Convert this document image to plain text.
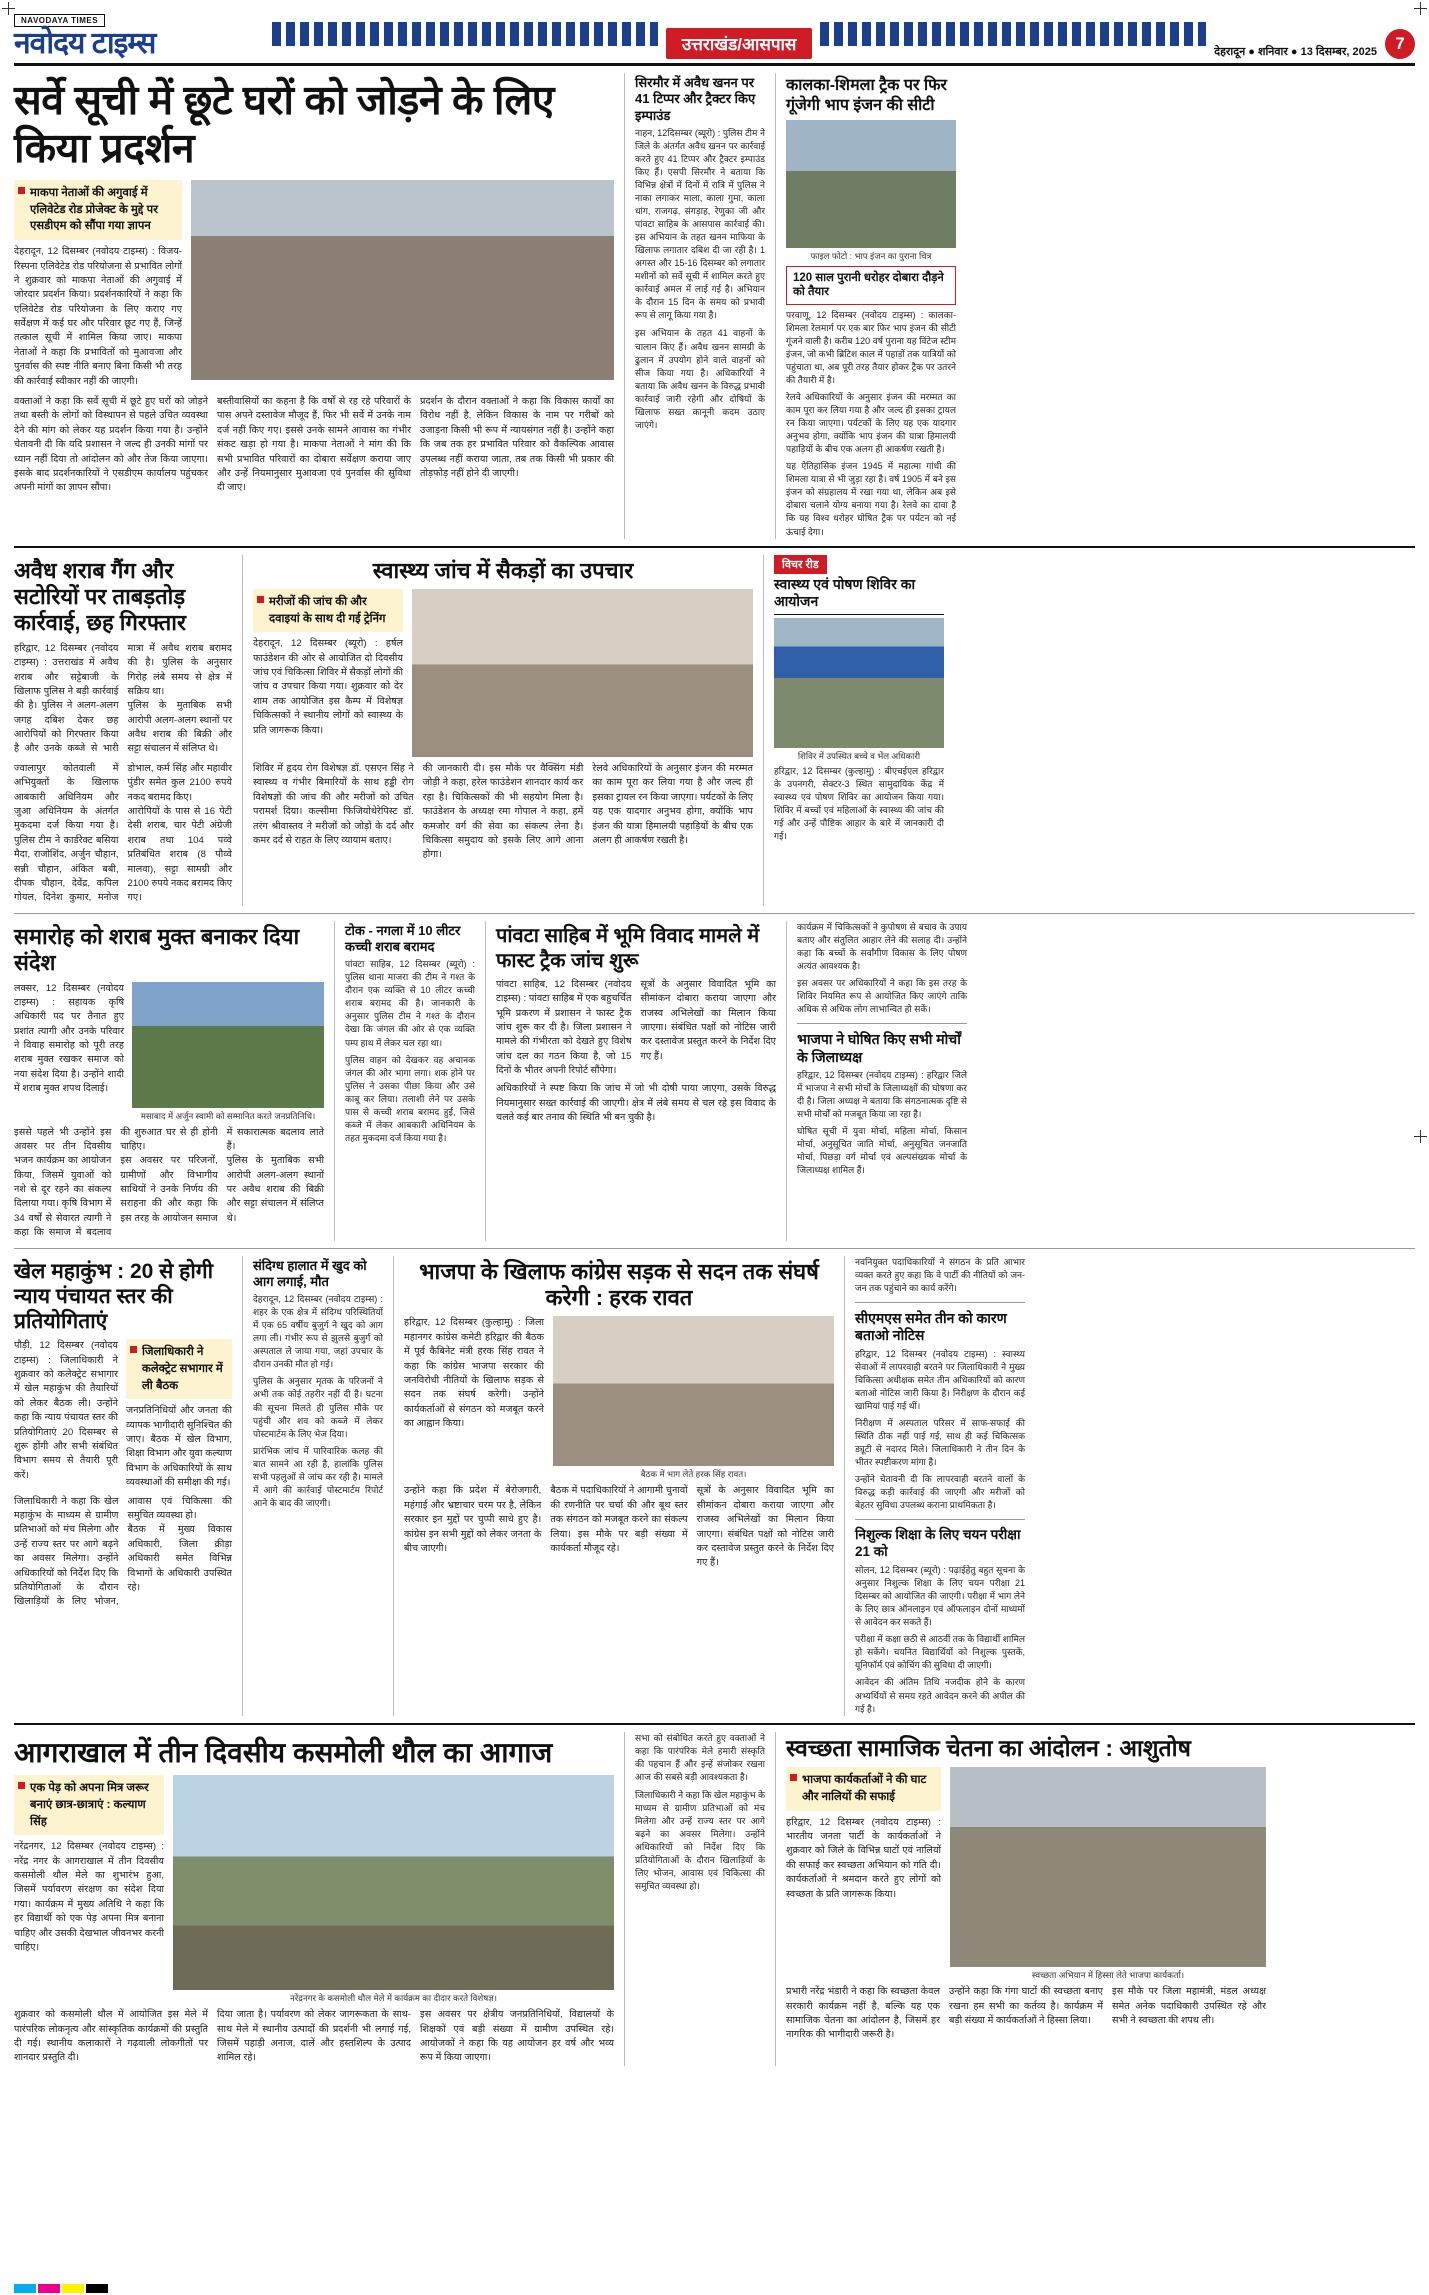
NAVODAYA TIMES
नवोदय टाइम्स	उत्तराखंड/आसपास	देहरादून ● शनिवार ● 13 दिसम्बर, 2025	7
सर्वे सूची में छूटे घरों को जोड़ने के लिए किया प्रदर्शन
माकपा नेताओं की अगुवाई में एलिवेटेड रोड प्रोजेक्ट के मुद्दे पर एसडीएम को सौंपा गया ज्ञापन
देहरादून, 12 दिसम्बर (नवोदय टाइम्स) : विजय-रिस्पना एलिवेटेड रोड परियोजना से प्रभावित लोगों ने शुक्रवार को माकपा नेताओं की अगुवाई में जोरदार प्रदर्शन किया। प्रदर्शनकारियों ने कहा कि एलिवेटेड रोड परियोजना के लिए कराए गए सर्वेक्षण में कई घर और परिवार छूट गए हैं, जिन्हें तत्काल सूची में शामिल किया जाए। माकपा नेताओं ने कहा कि प्रभावितों को मुआवजा और पुनर्वास की स्पष्ट नीति बनाए बिना किसी भी तरह की कार्रवाई स्वीकार नहीं की जाएगी।
वक्ताओं ने कहा कि सर्वे सूची में छूटे हुए घरों को जोड़ने तथा बस्ती के लोगों को विस्थापन से पहले उचित व्यवस्था देने की मांग को लेकर यह प्रदर्शन किया गया है। उन्होंने चेतावनी दी कि यदि प्रशासन ने जल्द ही उनकी मांगों पर ध्यान नहीं दिया तो आंदोलन को और तेज किया जाएगा। इसके बाद प्रदर्शनकारियों ने एसडीएम कार्यालय पहुंचकर अपनी मांगों का ज्ञापन सौंपा।
बस्तीवासियों का कहना है कि वर्षों से रह रहे परिवारों के पास अपने दस्तावेज मौजूद हैं, फिर भी सर्वे में उनके नाम दर्ज नहीं किए गए। इससे उनके सामने आवास का गंभीर संकट खड़ा हो गया है। माकपा नेताओं ने मांग की कि सभी प्रभावित परिवारों का दोबारा सर्वेक्षण कराया जाए और उन्हें नियमानुसार मुआवजा एवं पुनर्वास की सुविधा दी जाए।
प्रदर्शन के दौरान वक्ताओं ने कहा कि विकास कार्यों का विरोध नहीं है, लेकिन विकास के नाम पर गरीबों को उजाड़ना किसी भी रूप में न्यायसंगत नहीं है। उन्होंने कहा कि जब तक हर प्रभावित परिवार को वैकल्पिक आवास उपलब्ध नहीं कराया जाता, तब तक किसी भी प्रकार की तोड़फोड़ नहीं होने दी जाएगी।
सिरमौर में अवैध खनन पर 41 टिप्पर और ट्रैक्टर किए इम्पाउंड
नाहन, 12दिसम्बर (ब्यूरो) : पुलिस टीम ने जिले के अंतर्गत अवैध खनन पर कार्रवाई करते हुए 41 टिप्पर और ट्रैक्टर इम्पाउंड किए हैं। एसपी सिरमौर ने बताया कि विभिन्न क्षेत्रों में दिनों में रात्रि में पुलिस ने नाका लगाकर माला, काला गुमा, काला धांग, राजगढ़, संगड़ाह, रेणुका जी और पांवटा साहिब के आसपास कार्रवाई की। इस अभियान के तहत खनन माफिया के खिलाफ लगातार दबिश दी जा रही है। 1 अगस्त और 15-16 दिसम्बर को लगातार मशीनों को सर्वे सूची में शामिल करते हुए कार्रवाई अमल में लाई गई है। अभियान के दौरान 15 दिन के समय को प्रभावी रूप से लागू किया गया है।
इस अभियान के तहत 41 वाहनों के चालान किए हैं। अवैध खनन सामग्री के ढुलान में उपयोग होने वाले वाहनों को सीज किया गया है। अधिकारियों ने बताया कि अवैध खनन के विरुद्ध प्रभावी कार्रवाई जारी रहेगी और दोषियों के खिलाफ सख्त कानूनी कदम उठाए जाएंगे।
कालका-शिमला ट्रैक पर फिर गूंजेगी भाप इंजन की सीटी
फाइल फोटो : भाप इंजन का पुराना चित्र
120 साल पुरानी धरोहर दोबारा दौड़ने को तैयार
परवाणू, 12 दिसम्बर (नवोदय टाइम्स) : कालका-शिमला रेलमार्ग पर एक बार फिर भाप इंजन की सीटी गूंजने वाली है। करीब 120 वर्ष पुराना यह विंटेज स्टीम इंजन, जो कभी ब्रिटिश काल में पहाड़ों तक यात्रियों को पहुंचाता था, अब पूरी तरह तैयार होकर ट्रैक पर उतरने की तैयारी में है।
रेलवे अधिकारियों के अनुसार इंजन की मरम्मत का काम पूरा कर लिया गया है और जल्द ही इसका ट्रायल रन किया जाएगा। पर्यटकों के लिए यह एक यादगार अनुभव होगा, क्योंकि भाप इंजन की यात्रा हिमालयी पहाड़ियों के बीच एक अलग ही आकर्षण रखती है।
यह ऐतिहासिक इंजन 1945 में महात्मा गांधी की शिमला यात्रा से भी जुड़ा रहा है। वर्ष 1905 में बने इस इंजन को संग्रहालय में रखा गया था, लेकिन अब इसे दोबारा चलाने योग्य बनाया गया है। रेलवे का दावा है कि यह विश्व धरोहर घोषित ट्रैक पर पर्यटन को नई ऊंचाई देगा।
अवैध शराब गैंग और सटोरियों पर ताबड़तोड़ कार्रवाई, छह गिरफ्तार
हरिद्वार, 12 दिसम्बर (नवोदय टाइम्स) : उत्तराखंड में अवैध शराब और सट्टेबाजी के खिलाफ पुलिस ने बड़ी कार्रवाई की है। पुलिस ने अलग-अलग जगह दबिश देकर छह आरोपियों को गिरफ्तार किया है और उनके कब्जे से भारी मात्रा में अवैध शराब बरामद की है। पुलिस के अनुसार गिरोह लंबे समय से क्षेत्र में सक्रिय था।
पुलिस के मुताबिक सभी आरोपी अलग-अलग स्थानों पर अवैध शराब की बिक्री और सट्टा संचालन में संलिप्त थे।
ज्वालापुर कोतवाली में अभियुक्तों के खिलाफ आबकारी अधिनियम और जुआ अधिनियम के अंतर्गत मुकदमा दर्ज किया गया है। पुलिस टीम ने कार्डरेक्ट बसिया मैदा, राजोशिंद, अर्जुन चौहान, सन्नी चौहान, अंकित बबी, दीपक चौहान, देवेंद्र, कपिल गोयल, दिनेश कुमार, मनोज डोभाल, कर्म सिंह और महावीर पुंडीर समेत कुल 2100 रुपये नकद बरामद किए।
आरोपियों के पास से 16 पेटी देसी शराब, चार पेटी अंग्रेजी शराब तथा 104 पव्वे प्रतिबंधित शराब (8 पौव्वे मालवा), सट्टा सामग्री और 2100 रुपये नकद बरामद किए गए।
स्वास्थ्य जांच में सैकड़ों का उपचार
मरीजों की जांच की और दवाइयां के साथ दी गई ट्रेनिंग
देहरादून, 12 दिसम्बर (ब्यूरो) : हर्षल फाउंडेशन की ओर से आयोजित दो दिवसीय जांच एवं चिकित्सा शिविर में सैकड़ों लोगों की जांच व उपचार किया गया। शुक्रवार को देर शाम तक आयोजित इस कैम्प में विशेषज्ञ चिकित्सकों ने स्थानीय लोगों को स्वास्थ्य के प्रति जागरूक किया।
शिविर में हृदय रोग विशेषज्ञ डॉ. एसएन सिंह ने स्वास्थ्य व गंभीर बिमारियों के साथ हड्डी रोग विशेषज्ञों की जांच की और मरीजों को उचित परामर्श दिया। कल्सीमा फिजियोथेरेपिस्ट डॉ. तरंग श्रीवास्तव ने मरीजों को जोड़ों के दर्द और कमर दर्द से राहत के लिए व्यायाम बताए।
की जानकारी दी। इस मौके पर वैक्सिंग मंडी जोड़ी ने कहा, हरेल फाउंडेशन शानदार कार्य कर रहा है। चिकित्सकों की भी सहयोग मिला है। फाउंडेशन के अध्यक्ष रमा गोपाल ने कहा, हमें कमजोर वर्ग की सेवा का संकल्प लेना है। चिकित्सा समुदाय को इसके लिए आगे आना होगा।
रेलवे अधिकारियों के अनुसार इंजन की मरम्मत का काम पूरा कर लिया गया है और जल्द ही इसका ट्रायल रन किया जाएगा। पर्यटकों के लिए यह एक यादगार अनुभव होगा, क्योंकि भाप इंजन की यात्रा हिमालयी पहाड़ियों के बीच एक अलग ही आकर्षण रखती है।
विचर रीड
स्वास्थ्य एवं पोषण शिविर का आयोजन
शिविर में उपस्थित बच्चे व भेंल अधिकारी
हरिद्वार, 12 दिसम्बर (कुल्हामु) : बीएचईएल हरिद्वार के उपनगरी, सेक्टर-3 स्थित सामुदायिक केंद्र में स्वास्थ्य एवं पोषण शिविर का आयोजन किया गया। शिविर में बच्चों एवं महिलाओं के स्वास्थ्य की जांच की गई और उन्हें पौष्टिक आहार के बारे में जानकारी दी गई।
समारोह को शराब मुक्त बनाकर दिया संदेश
लक्सर, 12 दिसम्बर (नवोदय टाइम्स) : सहायक कृषि अधिकारी पद पर तैनात हुए प्रशांत त्यागी और उनके परिवार ने विवाह समारोह को पूरी तरह शराब मुक्त रखकर समाज को नया संदेश दिया है। उन्होंने शादी में शराब मुक्त शपथ दिलाई।
मसाबाद में अर्जुन स्वामी को सम्मानित करते जनप्रतिनिधि।
इससे पहले भी उन्होंने इस अवसर पर तीन दिवसीय भजन कार्यक्रम का आयोजन किया, जिसमें युवाओं को नशे से दूर रहने का संकल्प दिलाया गया। कृषि विभाग में 34 वर्षों से सेवारत त्यागी ने कहा कि समाज में बदलाव की शुरुआत घर से ही होनी चाहिए।
इस अवसर पर परिजनों, ग्रामीणों और विभागीय साथियों ने उनके निर्णय की सराहना की और कहा कि इस तरह के आयोजन समाज में सकारात्मक बदलाव लाते हैं।
पुलिस के मुताबिक सभी आरोपी अलग-अलग स्थानों पर अवैध शराब की बिक्री और सट्टा संचालन में संलिप्त थे।
टोक - नगला में 10 लीटर कच्ची शराब बरामद
पांवटा साहिब, 12 दिसम्बर (ब्यूरो) : पुलिस थाना माजरा की टीम ने गश्त के दौरान एक व्यक्ति से 10 लीटर कच्ची शराब बरामद की है। जानकारी के अनुसार पुलिस टीम ने गश्त के दौरान देखा कि जंगल की ओर से एक व्यक्ति पम्प हाथ में लेकर चल रहा था।
पुलिस वाहन को देखकर वह अचानक जंगल की ओर भागा लगा। शक होने पर पुलिस ने उसका पीछा किया और उसे काबू कर लिया। तलाशी लेने पर उसके पास से कच्ची शराब बरामद हुई, जिसे कब्जे में लेकर आबकारी अधिनियम के तहत मुकदमा दर्ज किया गया है।
पांवटा साहिब में भूमि विवाद मामले में फास्ट ट्रैक जांच शुरू
पांवटा साहिब, 12 दिसम्बर (नवोदय टाइम्स) : पांवटा साहिब में एक बहुचर्चित भूमि प्रकरण में प्रशासन ने फास्ट ट्रैक जांच शुरू कर दी है। जिला प्रशासन ने मामले की गंभीरता को देखते हुए विशेष जांच दल का गठन किया है, जो 15 दिनों के भीतर अपनी रिपोर्ट सौंपेगा।
सूत्रों के अनुसार विवादित भूमि का सीमांकन दोबारा कराया जाएगा और राजस्व अभिलेखों का मिलान किया जाएगा। संबंधित पक्षों को नोटिस जारी कर दस्तावेज प्रस्तुत करने के निर्देश दिए गए हैं।
अधिकारियों ने स्पष्ट किया कि जांच में जो भी दोषी पाया जाएगा, उसके विरुद्ध नियमानुसार सख्त कार्रवाई की जाएगी। क्षेत्र में लंबे समय से चल रहे इस विवाद के चलते कई बार तनाव की स्थिति भी बन चुकी है।
कार्यक्रम में चिकित्सकों ने कुपोषण से बचाव के उपाय बताए और संतुलित आहार लेने की सलाह दी। उन्होंने कहा कि बच्चों के सर्वांगीण विकास के लिए पोषण अत्यंत आवश्यक है।
इस अवसर पर अधिकारियों ने कहा कि इस तरह के शिविर नियमित रूप से आयोजित किए जाएंगे ताकि अधिक से अधिक लोग लाभान्वित हो सकें।
भाजपा ने घोषित किए सभी मोर्चों के जिलाध्यक्ष
हरिद्वार, 12 दिसम्बर (नवोदय टाइम्स) : हरिद्वार जिले में भाजपा ने सभी मोर्चों के जिलाध्यक्षों की घोषणा कर दी है। जिला अध्यक्ष ने बताया कि संगठनात्मक दृष्टि से सभी मोर्चों को मजबूत किया जा रहा है।
घोषित सूची में युवा मोर्चा, महिला मोर्चा, किसान मोर्चा, अनुसूचित जाति मोर्चा, अनुसूचित जनजाति मोर्चा, पिछड़ा वर्ग मोर्चा एवं अल्पसंख्यक मोर्चा के जिलाध्यक्ष शामिल हैं।
खेल महाकुंभ : 20 से होगी न्याय पंचायत स्तर की प्रतियोगिताएं
पौड़ी, 12 दिसम्बर (नवोदय टाइम्स) : जिलाधिकारी ने शुक्रवार को कलेक्ट्रेट सभागार में खेल महाकुंभ की तैयारियों को लेकर बैठक ली। उन्होंने कहा कि न्याय पंचायत स्तर की प्रतियोगिताएं 20 दिसम्बर से शुरू होंगी और सभी संबंधित विभाग समय से तैयारी पूरी करें।
जिलाधिकारी ने कलेक्ट्रेट सभागार में ली बैठक
जनप्रतिनिधियों और जनता की व्यापक भागीदारी सुनिश्चित की जाए। बैठक में खेल विभाग, शिक्षा विभाग और युवा कल्याण विभाग के अधिकारियों के साथ व्यवस्थाओं की समीक्षा की गई।
जिलाधिकारी ने कहा कि खेल महाकुंभ के माध्यम से ग्रामीण प्रतिभाओं को मंच मिलेगा और उन्हें राज्य स्तर पर आगे बढ़ने का अवसर मिलेगा। उन्होंने अधिकारियों को निर्देश दिए कि प्रतियोगिताओं के दौरान खिलाड़ियों के लिए भोजन, आवास एवं चिकित्सा की समुचित व्यवस्था हो।
बैठक में मुख्य विकास अधिकारी, जिला क्रीड़ा अधिकारी समेत विभिन्न विभागों के अधिकारी उपस्थित रहे।
संदिग्ध हालात में खुद को आग लगाई, मौत
देहरादून, 12 दिसम्बर (नवोदय टाइम्स) : शहर के एक क्षेत्र में संदिग्ध परिस्थितियों में एक 65 वर्षीय बुजुर्ग ने खुद को आग लगा ली। गंभीर रूप से झुलसे बुजुर्ग को अस्पताल ले जाया गया, जहां उपचार के दौरान उनकी मौत हो गई।
पुलिस के अनुसार मृतक के परिजनों ने अभी तक कोई तहरीर नहीं दी है। घटना की सूचना मिलते ही पुलिस मौके पर पहुंची और शव को कब्जे में लेकर पोस्टमार्टम के लिए भेज दिया।
प्रारंभिक जांच में पारिवारिक कलह की बात सामने आ रही है, हालांकि पुलिस सभी पहलुओं से जांच कर रही है। मामले में आगे की कार्रवाई पोस्टमार्टम रिपोर्ट आने के बाद की जाएगी।
भाजपा के खिलाफ कांग्रेस सड़क से सदन तक संघर्ष करेगी : हरक रावत
हरिद्वार, 12 दिसम्बर (कुल्हामु) : जिला महानगर कांग्रेस कमेटी हरिद्वार की बैठक में पूर्व कैबिनेट मंत्री हरक सिंह रावत ने कहा कि कांग्रेस भाजपा सरकार की जनविरोधी नीतियों के खिलाफ सड़क से सदन तक संघर्ष करेगी। उन्होंने कार्यकर्ताओं से संगठन को मजबूत करने का आह्वान किया।
बैठक में भाग लेते हरक सिंह रावत।
उन्होंने कहा कि प्रदेश में बेरोजगारी, महंगाई और भ्रष्टाचार चरम पर है, लेकिन सरकार इन मुद्दों पर चुप्पी साधे हुए है। कांग्रेस इन सभी मुद्दों को लेकर जनता के बीच जाएगी।
बैठक में पदाधिकारियों ने आगामी चुनावों की रणनीति पर चर्चा की और बूथ स्तर तक संगठन को मजबूत करने का संकल्प लिया। इस मौके पर बड़ी संख्या में कार्यकर्ता मौजूद रहे।
सूत्रों के अनुसार विवादित भूमि का सीमांकन दोबारा कराया जाएगा और राजस्व अभिलेखों का मिलान किया जाएगा। संबंधित पक्षों को नोटिस जारी कर दस्तावेज प्रस्तुत करने के निर्देश दिए गए हैं।
नवनियुक्त पदाधिकारियों ने संगठन के प्रति आभार व्यक्त करते हुए कहा कि वे पार्टी की नीतियों को जन-जन तक पहुंचाने का कार्य करेंगे।
सीएमएस समेत तीन को कारण बताओ नोटिस
हरिद्वार, 12 दिसम्बर (नवोदय टाइम्स) : स्वास्थ्य सेवाओं में लापरवाही बरतने पर जिलाधिकारी ने मुख्य चिकित्सा अधीक्षक समेत तीन अधिकारियों को कारण बताओ नोटिस जारी किया है। निरीक्षण के दौरान कई खामियां पाई गई थीं।
निरीक्षण में अस्पताल परिसर में साफ-सफाई की स्थिति ठीक नहीं पाई गई, साथ ही कई चिकित्सक ड्यूटी से नदारद मिले। जिलाधिकारी ने तीन दिन के भीतर स्पष्टीकरण मांगा है।
उन्होंने चेतावनी दी कि लापरवाही बरतने वालों के विरुद्ध कड़ी कार्रवाई की जाएगी और मरीजों को बेहतर सुविधा उपलब्ध कराना प्राथमिकता है।
निशुल्क शिक्षा के लिए चयन परीक्षा 21 को
सोलन, 12 दिसम्बर (ब्यूरो) : पढ़ाईहेतु बहुत सूचना के अनुसार निशुल्क शिक्षा के लिए चयन परीक्षा 21 दिसम्बर को आयोजित की जाएगी। परीक्षा में भाग लेने के लिए छात्र ऑनलाइन एवं ऑफलाइन दोनों माध्यमों से आवेदन कर सकते हैं।
परीक्षा में कक्षा छठी से आठवीं तक के विद्यार्थी शामिल हो सकेंगे। चयनित विद्यार्थियों को निशुल्क पुस्तकें, यूनिफॉर्म एवं कोचिंग की सुविधा दी जाएगी।
आवेदन की अंतिम तिथि नजदीक होने के कारण अभ्यर्थियों से समय रहते आवेदन करने की अपील की गई है।
आगराखाल में तीन दिवसीय कसमोली थौल का आगाज
एक पेड़ को अपना मित्र जरूर बनाएं छात्र-छात्राएं : कल्याण सिंह
नरेंद्रनगर, 12 दिसम्बर (नवोदय टाइम्स) : नरेंद्र नगर के आगराखाल में तीन दिवसीय कसमोली थौल मेले का शुभारंभ हुआ, जिसमें पर्यावरण संरक्षण का संदेश दिया गया। कार्यक्रम में मुख्य अतिथि ने कहा कि हर विद्यार्थी को एक पेड़ अपना मित्र बनाना चाहिए और उसकी देखभाल जीवनभर करनी चाहिए।
नरेंद्रनगर के कसमोली थौल मेले में कार्यक्रम का दीदार करते विशेषज्ञ।
शुक्रवार को कसमोली थौल में आयोजित इस मेले में पारंपरिक लोकनृत्य और सांस्कृतिक कार्यक्रमों की प्रस्तुति दी गई। स्थानीय कलाकारों ने गढ़वाली लोकगीतों पर शानदार प्रस्तुति दी।
दिया जाता है। पर्यावरण को लेकर जागरूकता के साथ-साथ मेले में स्थानीय उत्पादों की प्रदर्शनी भी लगाई गई, जिसमें पहाड़ी अनाज, दालें और हस्तशिल्प के उत्पाद शामिल रहे।
इस अवसर पर क्षेत्रीय जनप्रतिनिधियों, विद्यालयों के शिक्षकों एवं बड़ी संख्या में ग्रामीण उपस्थित रहे। आयोजकों ने कहा कि यह आयोजन हर वर्ष और भव्य रूप में किया जाएगा।
सभा को संबोधित करते हुए वक्ताओं ने कहा कि पारंपरिक मेले हमारी संस्कृति की पहचान हैं और इन्हें संजोकर रखना आज की सबसे बड़ी आवश्यकता है।
जिलाधिकारी ने कहा कि खेल महाकुंभ के माध्यम से ग्रामीण प्रतिभाओं को मंच मिलेगा और उन्हें राज्य स्तर पर आगे बढ़ने का अवसर मिलेगा। उन्होंने अधिकारियों को निर्देश दिए कि प्रतियोगिताओं के दौरान खिलाड़ियों के लिए भोजन, आवास एवं चिकित्सा की समुचित व्यवस्था हो।
स्वच्छता सामाजिक चेतना का आंदोलन : आशुतोष
भाजपा कार्यकर्ताओं ने की घाट और नालियों की सफाई
हरिद्वार, 12 दिसम्बर (नवोदय टाइम्स) : भारतीय जनता पार्टी के कार्यकर्ताओं ने शुक्रवार को जिले के विभिन्न घाटों एवं नालियों की सफाई कर स्वच्छता अभियान को गति दी। कार्यकर्ताओं ने श्रमदान करते हुए लोगों को स्वच्छता के प्रति जागरूक किया।
स्वच्छता अभियान में हिस्सा लेते भाजपा कार्यकर्ता।
प्रभारी नरेंद्र भंडारी ने कहा कि स्वच्छता केवल सरकारी कार्यक्रम नहीं है, बल्कि यह एक सामाजिक चेतना का आंदोलन है, जिसमें हर नागरिक की भागीदारी जरूरी है।
उन्होंने कहा कि गंगा घाटों की स्वच्छता बनाए रखना हम सभी का कर्तव्य है। कार्यक्रम में बड़ी संख्या में कार्यकर्ताओं ने हिस्सा लिया।
इस मौके पर जिला महामंत्री, मंडल अध्यक्ष समेत अनेक पदाधिकारी उपस्थित रहे और सभी ने स्वच्छता की शपथ ली।
